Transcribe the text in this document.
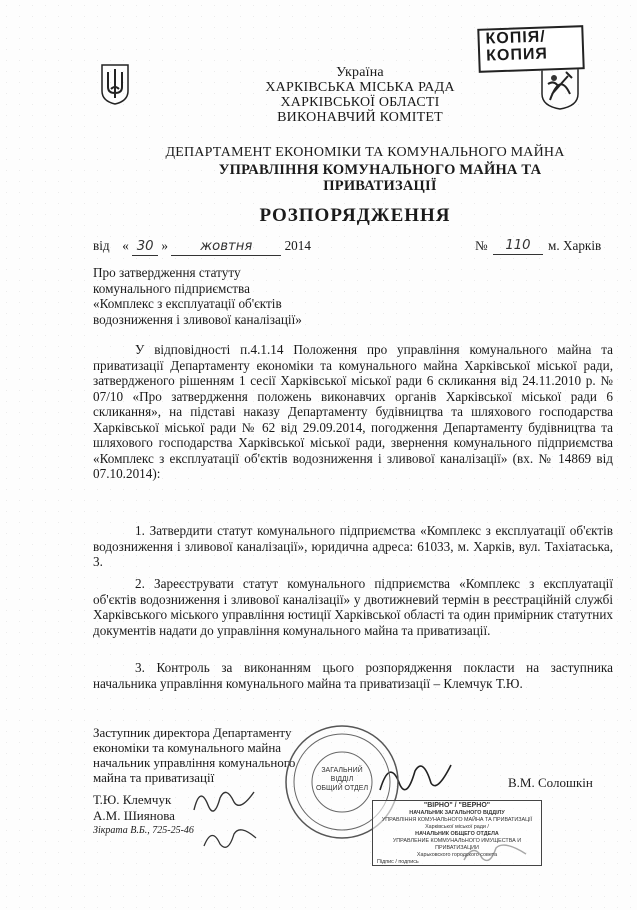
КОПІЯ/
КОПИЯ
Україна
ХАРКІВСЬКА МІСЬКА РАДА
ХАРКІВСЬКОЇ ОБЛАСТІ
ВИКОНАВЧИЙ КОМІТЕТ
ДЕПАРТАМЕНТ ЕКОНОМІКИ ТА КОМУНАЛЬНОГО МАЙНА
УПРАВЛІННЯ КОМУНАЛЬНОГО МАЙНА ТА
ПРИВАТИЗАЦІЇ
РОЗПОРЯДЖЕННЯ
від « 30 » жовтня 2014	№	110	м. Харків
Про затвердження статуту
комунального підприємства
«Комплекс з експлуатації об'єктів
водозниження і зливової каналізації»
У відповідності п.4.1.14 Положення про управління комунального майна та приватизації Департаменту економіки та комунального майна Харківської міської ради, затвердженого рішенням 1 сесії Харківської міської ради 6 скликання від 24.11.2010 р. № 07/10 «Про затвердження положень виконавчих органів Харківської міської ради 6 скликання», на підставі наказу Департаменту будівництва та шляхового господарства Харківської міської ради № 62 від 29.09.2014, погодження Департаменту будівництва та шляхового господарства Харківської міської ради, звернення комунального підприємства «Комплекс з експлуатації об'єктів водозниження і зливової каналізації» (вх. № 14869 від 07.10.2014):
1. Затвердити статут комунального підприємства «Комплекс з експлуатації об'єктів водозниження і зливової каналізації», юридична адреса: 61033, м. Харків, вул. Тахіатаська, 3.
2. Зареєструвати статут комунального підприємства «Комплекс з експлуатації об'єктів водозниження і зливової каналізації» у двотижневий термін в реєстраційній службі Харківського міського управління юстиції Харківської області та один примірник статутних документів надати до управління комунального майна та приватизації.
3. Контроль за виконанням цього розпорядження покласти на заступника начальника управління комунального майна та приватизації – Клемчук Т.Ю.
Заступник директора Департаменту
економіки та комунального майна
начальник управління комунального
майна та приватизації	В.М. Солошкін
Т.Ю. Клемчук
А.М. Шиянова
Зікрата В.Б., 725-25-46
ЗАГАЛЬНИЙ
ВІДДІЛ
ОБЩИЙ ОТДЕЛ
"ВІРНО" / "ВЕРНО"
НАЧАЛЬНИК ЗАГАЛЬНОГО ВІДДІЛУ
УПРАВЛІННЯ КОМУНАЛЬНОГО МАЙНА ТА ПРИВАТИЗАЦІЇ
Харківської міської ради /
НАЧАЛЬНИК ОБЩЕГО ОТДЕЛА
УПРАВЛЕНИЕ КОММУНАЛЬНОГО ИМУЩЕСТВА И ПРИВАТИЗАЦИИ
Харьковского городского совета
Підпис / подпись
